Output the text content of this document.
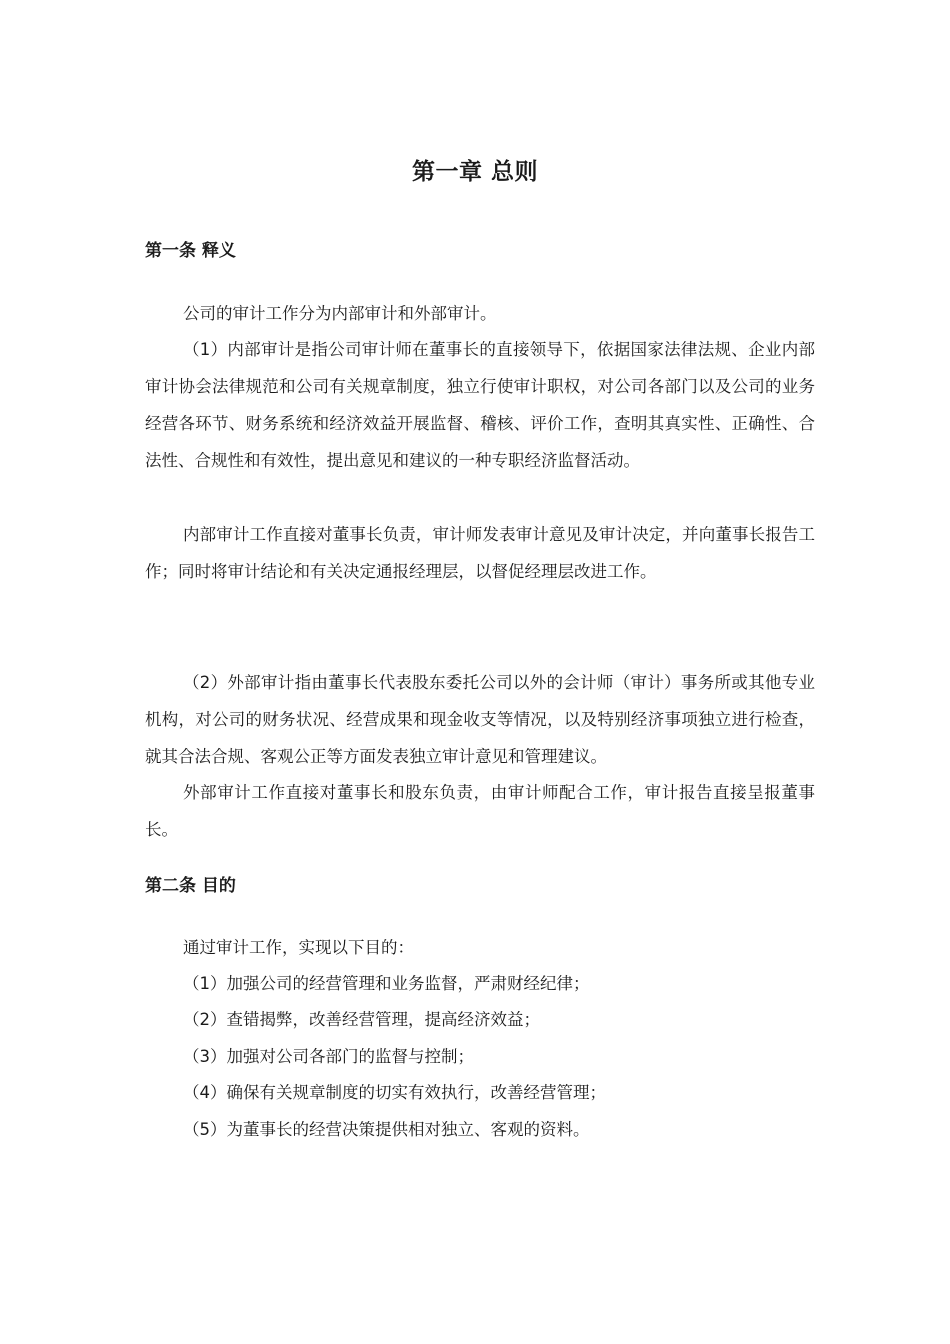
第一章 总则
第一条 释义

公司的审计工作分为内部审计和外部审计。

（1）内部审计是指公司审计师在董事长的直接领导下，依据国家法律法规、企业内部审计协会法律规范和公司有关规章制度，独立行使审计职权，对公司各部门以及公司的业务经营各环节、财务系统和经济效益开展监督、稽核、评价工作，查明其真实性、正确性、合法性、合规性和有效性，提出意见和建议的一种专职经济监督活动。

内部审计工作直接对董事长负责，审计师发表审计意见及审计决定，并向董事长报告工作；同时将审计结论和有关决定通报经理层，以督促经理层改进工作。

（2）外部审计指由董事长代表股东委托公司以外的会计师（审计）事务所或其他专业机构，对公司的财务状况、经营成果和现金收支等情况，以及特别经济事项独立进行检查，就其合法合规、客观公正等方面发表独立审计意见和管理建议。

外部审计工作直接对董事长和股东负责，由审计师配合工作，审计报告直接呈报董事长。

第二条 目的

通过审计工作，实现以下目的：

（1）加强公司的经营管理和业务监督，严肃财经纪律；

（2）查错揭弊，改善经营管理，提高经济效益；

（3）加强对公司各部门的监督与控制；

（4）确保有关规章制度的切实有效执行，改善经营管理；

（5）为董事长的经营决策提供相对独立、客观的资料。
